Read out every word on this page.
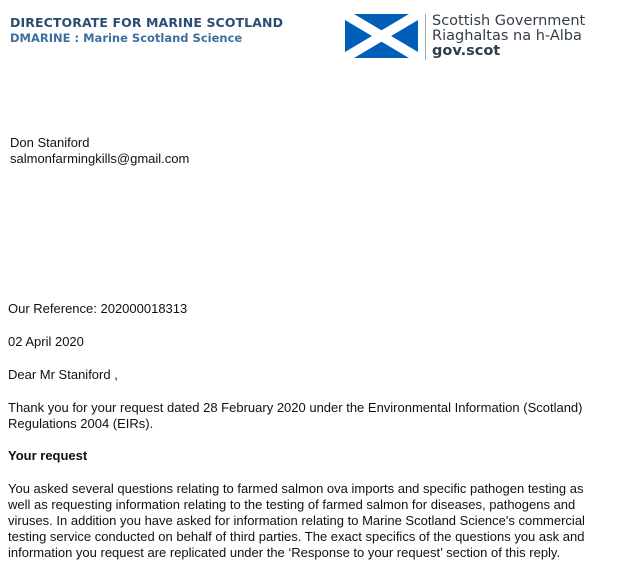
DIRECTORATE FOR MARINE SCOTLAND
DMARINE : Marine Scotland Science
Scottish Government
Riaghaltas na h-Alba
gov.scot
Don Staniford
salmonfarmingkills@gmail.com
Our Reference: 202000018313
02 April 2020
Dear Mr Staniford ,
Thank you for your request dated 28 February 2020 under the Environmental Information (Scotland) Regulations 2004 (EIRs).
Your request
You asked several questions relating to farmed salmon ova imports and specific pathogen testing as well as requesting information relating to the testing of farmed salmon for diseases, pathogens and viruses. In addition you have asked for information relating to Marine Scotland Science's commercial testing service conducted on behalf of third parties. The exact specifics of the questions you ask and information you request are replicated under the ‘Response to your request’ section of this reply.
